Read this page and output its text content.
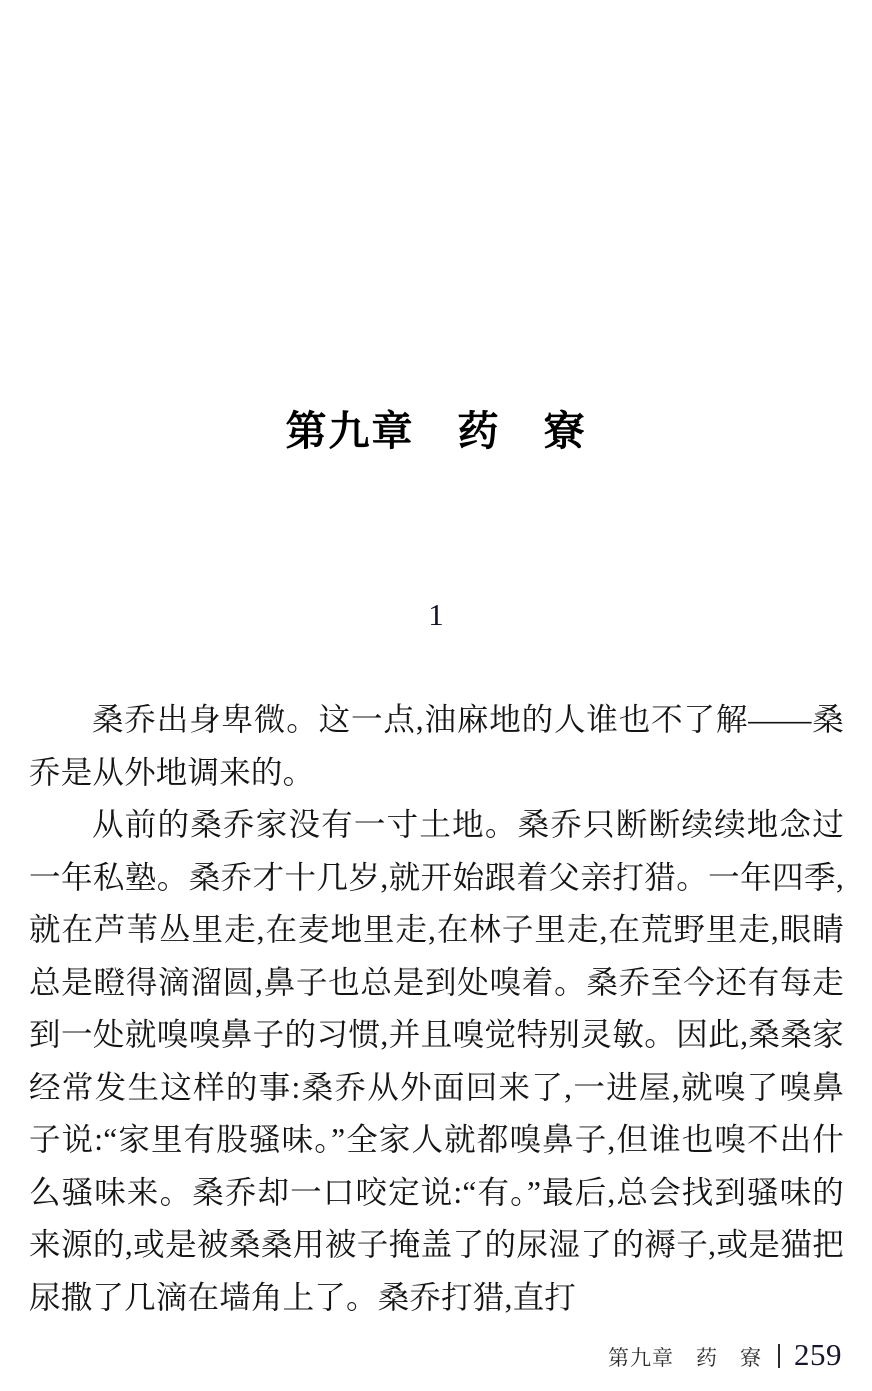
第九章　药　寮
1

桑乔出身卑微。这一点,油麻地的人谁也不了解——桑乔是从外地调来的。

从前的桑乔家没有一寸土地。桑乔只断断续续地念过一年私塾。桑乔才十几岁,就开始跟着父亲打猎。一年四季,就在芦苇丛里走,在麦地里走,在林子里走,在荒野里走,眼睛总是瞪得滴溜圆,鼻子也总是到处嗅着。桑乔至今还有每走到一处就嗅嗅鼻子的习惯,并且嗅觉特别灵敏。因此,桑桑家经常发生这样的事:桑乔从外面回来了,一进屋,就嗅了嗅鼻子说:“家里有股骚味。”全家人就都嗅鼻子,但谁也嗅不出什么骚味来。桑乔却一口咬定说:“有。”最后,总会找到骚味的来源的,或是被桑桑用被子掩盖了的尿湿了的褥子,或是猫把尿撒了几滴在墙角上了。桑乔打猎,直打

第九章　药　寮 259
